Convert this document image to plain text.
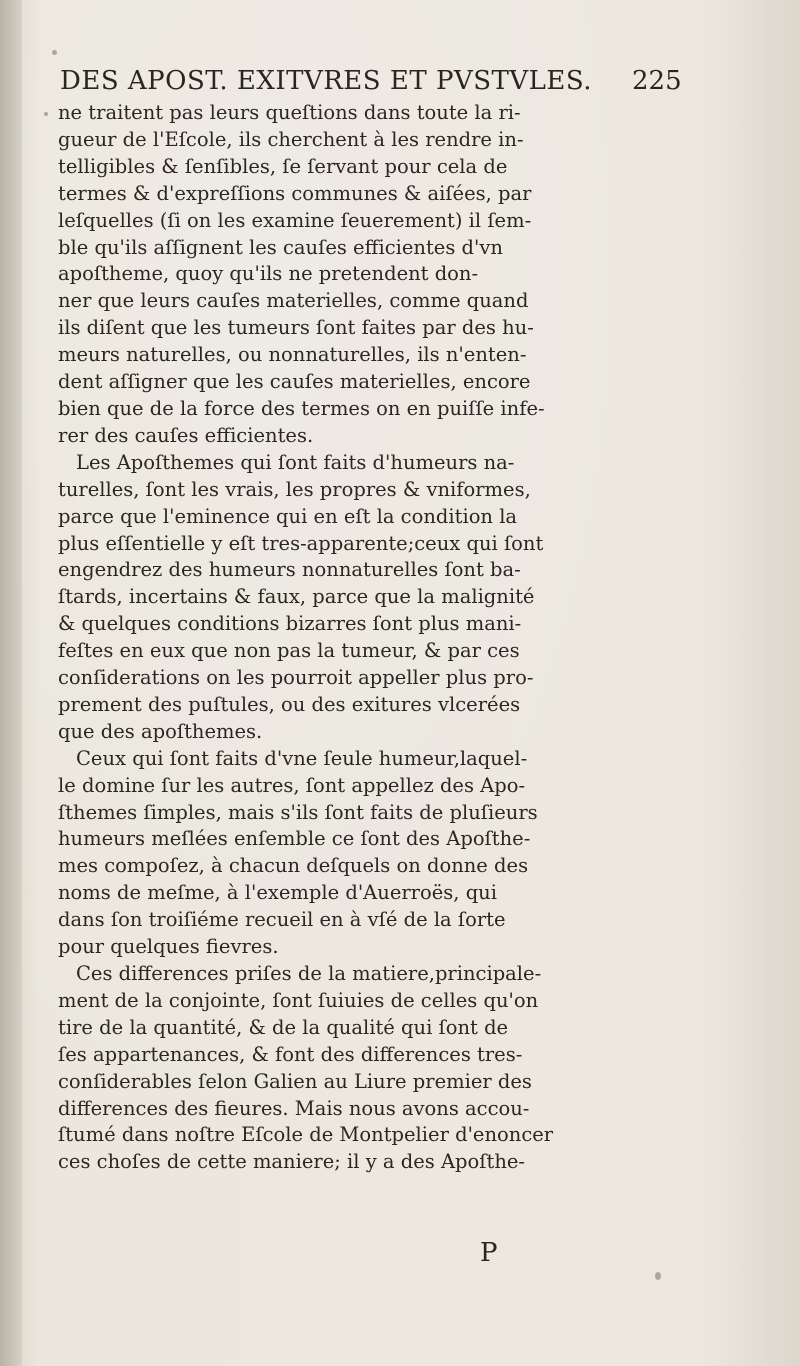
DES APOST. EXITVRES ET PVSTVLES.	225
ne traitent pas leurs queſtions dans toute la ri-
gueur de l'Eſcole, ils cherchent à les rendre in-
telligibles & ſenſibles, ſe ſervant pour cela de
termes & d'expreſſions communes & aiſées, par
leſquelles (ſi on les examine ſeuerement) il ſem-
ble qu'ils aſſignent les cauſes efficientes d'vn
apoſtheme, quoy qu'ils ne pretendent don-
ner que leurs cauſes materielles, comme quand
ils diſent que les tumeurs ſont faites par des hu-
meurs naturelles, ou nonnaturelles, ils n'enten-
dent aſſigner que les cauſes materielles, encore
bien que de la force des termes on en puiſſe infe-
rer des cauſes efficientes.
Les Apoſthemes qui ſont faits d'humeurs na-
turelles, ſont les vrais, les propres & vniformes,
parce que l'eminence qui en eſt la condition la
plus eſſentielle y eſt tres-apparente;ceux qui ſont
engendrez des humeurs nonnaturelles ſont ba-
ſtards, incertains & faux, parce que la malignité
& quelques conditions bizarres ſont plus mani-
feſtes en eux que non pas la tumeur, & par ces
conſiderations on les pourroit appeller plus pro-
prement des puſtules, ou des exitures vlcerées
que des apoſthemes.
Ceux qui ſont faits d'vne ſeule humeur,laquel-
le domine ſur les autres, ſont appellez des Apo-
ſthemes ſimples, mais s'ils ſont faits de pluſieurs
humeurs meſlées enſemble ce ſont des Apoſthe-
mes compoſez, à chacun deſquels on donne des
noms de meſme, à l'exemple d'Auerroës, qui
dans ſon troiſiéme recueil en à vſé de la ſorte
pour quelques fievres.
Ces differences priſes de la matiere,principale-
ment de la conjointe, ſont ſuiuies de celles qu'on
tire de la quantité, & de la qualité qui ſont de
ſes appartenances, & font des differences tres-
conſiderables ſelon Galien au Liure premier des
differences des fieures. Mais nous avons accou-
ſtumé dans noſtre Eſcole de Montpelier d'enoncer
ces choſes de cette maniere; il y a des Apoſthe-
P
